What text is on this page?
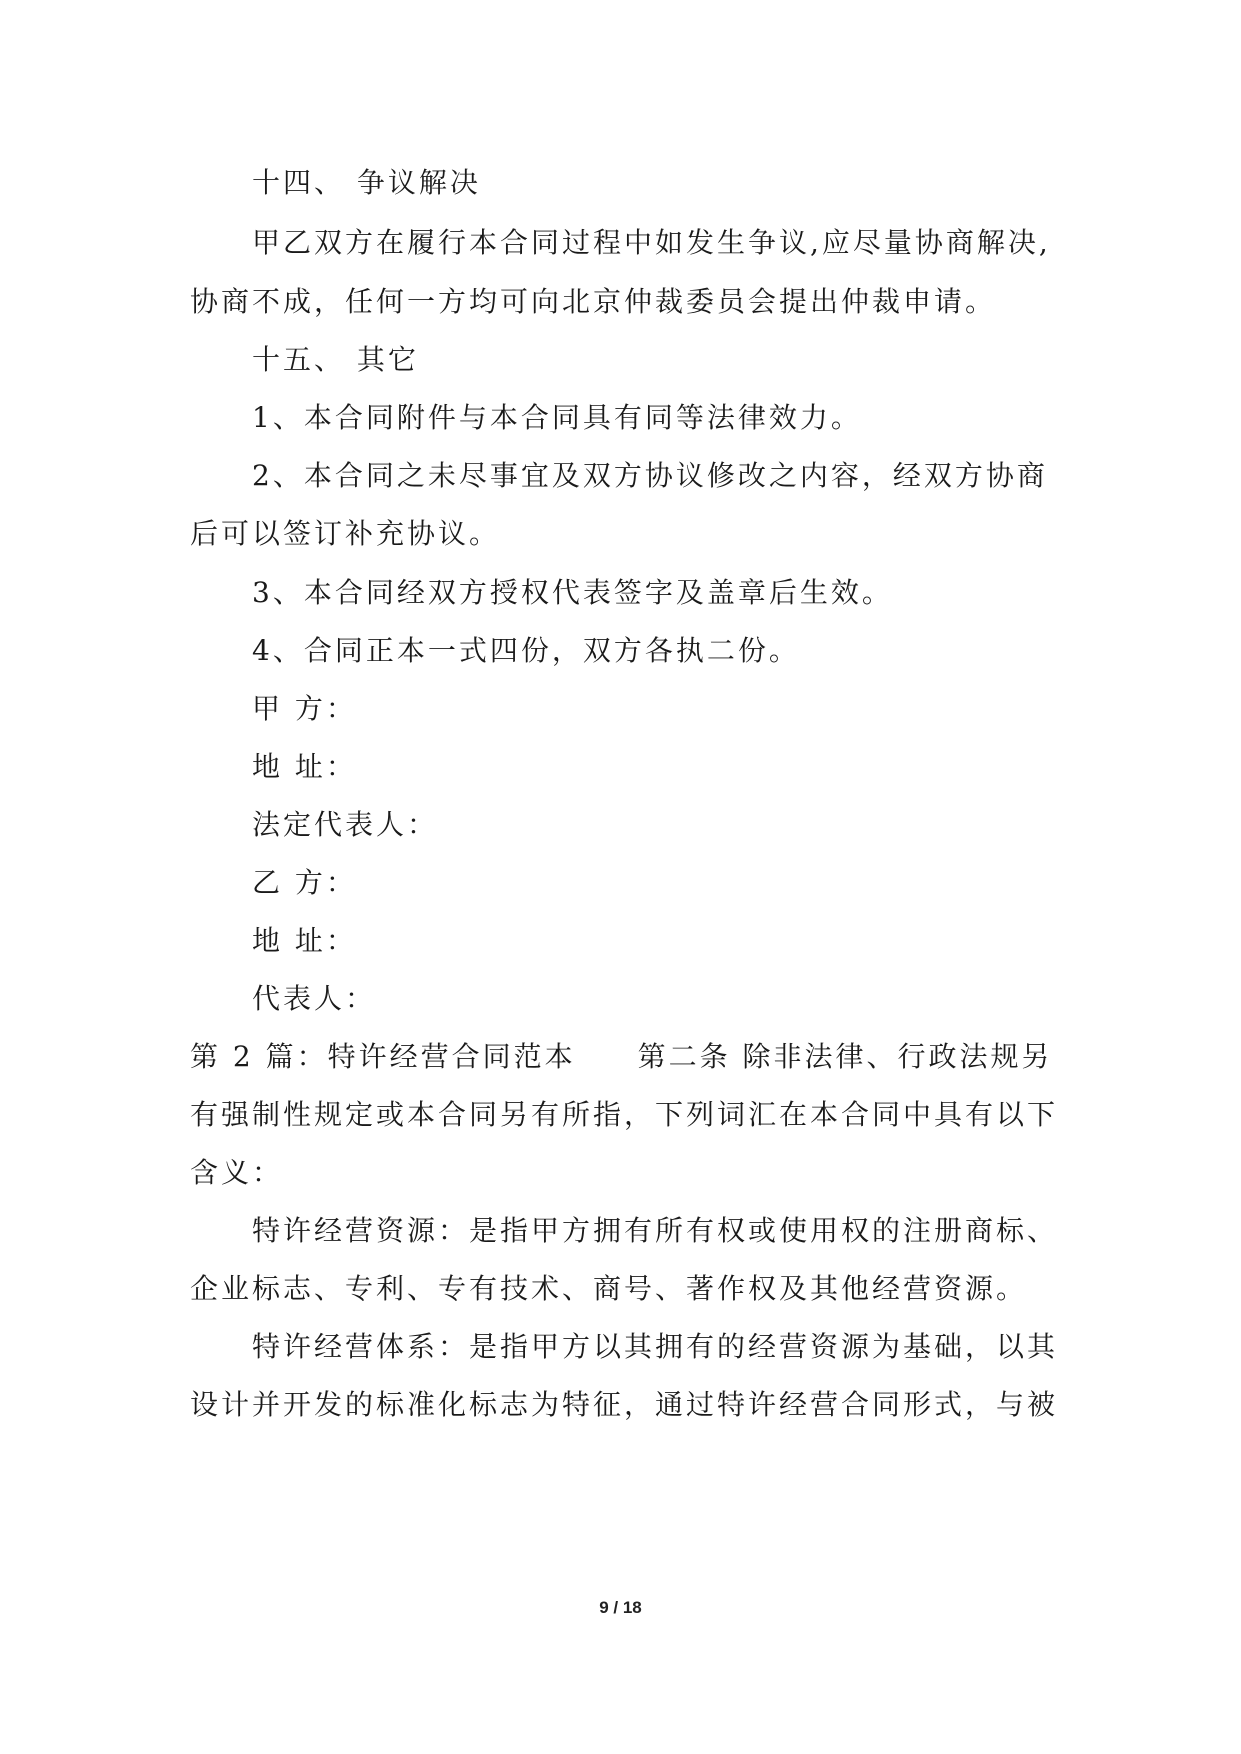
十四、 争议解决
甲乙双方在履行本合同过程中如发生争议,应尽量协商解决,
协商不成，任何一方均可向北京仲裁委员会提出仲裁申请。
十五、 其它
1、本合同附件与本合同具有同等法律效力。
2、本合同之未尽事宜及双方协议修改之内容，经双方协商
后可以签订补充协议。
3、本合同经双方授权代表签字及盖章后生效。
4、合同正本一式四份，双方各执二份。
甲 方：
地 址：
法定代表人：
乙 方：
地 址：
代表人：
第 2 篇：特许经营合同范本　　第二条 除非法律、行政法规另
有强制性规定或本合同另有所指，下列词汇在本合同中具有以下
含义：
特许经营资源：是指甲方拥有所有权或使用权的注册商标、
企业标志、专利、专有技术、商号、著作权及其他经营资源。
特许经营体系：是指甲方以其拥有的经营资源为基础，以其
设计并开发的标准化标志为特征，通过特许经营合同形式，与被
9 / 18
